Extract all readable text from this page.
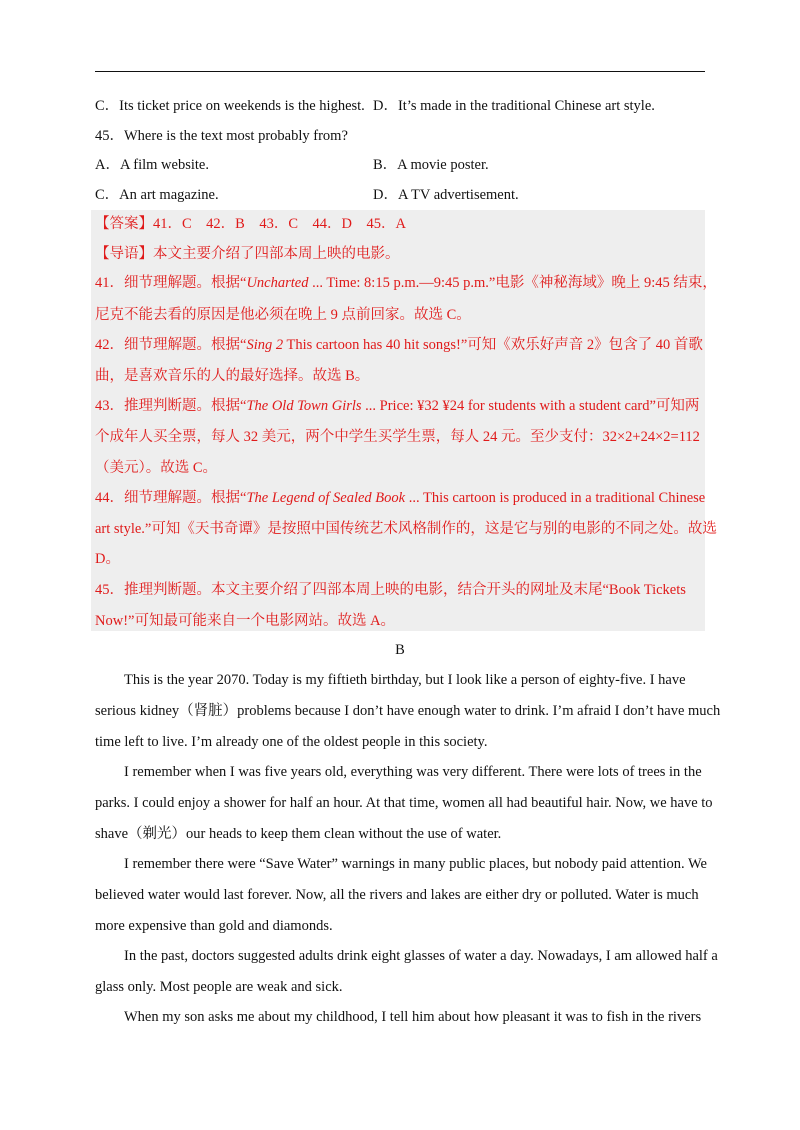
C．Its ticket price on weekends is the highest. D．It’s made in the traditional Chinese art style.
45．Where is the text most probably from?
A．A film website.	B．A movie poster.
C．An art magazine.	D．A TV advertisement.
【答案】41．C　42．B　43．C　44．D　45．A
【导语】本文主要介绍了四部本周上映的电影。
41．细节理解题。根据“Uncharted ... Time: 8:15 p.m.—9:45 p.m.”电影《神秘海域》晚上 9:45 结束，
尼克不能去看的原因是他必须在晚上 9 点前回家。故选 C。
42．细节理解题。根据“Sing 2 This cartoon has 40 hit songs!”可知《欢乐好声音 2》包含了 40 首歌
曲，是喜欢音乐的人的最好选择。故选 B。
43．推理判断题。根据“The Old Town Girls ... Price: ¥32 ¥24 for students with a student card”可知两
个成年人买全票，每人 32 美元，两个中学生买学生票，每人 24 元。至少支付：32×2+24×2=112
（美元）。故选 C。
44．细节理解题。根据“The Legend of Sealed Book ... This cartoon is produced in a traditional Chinese
art style.”可知《天书奇谭》是按照中国传统艺术风格制作的，这是它与别的电影的不同之处。故选
D。
45．推理判断题。本文主要介绍了四部本周上映的电影，结合开头的网址及末尾“Book Tickets
Now!”可知最可能来自一个电影网站。故选 A。
B
This is the year 2070. Today is my fiftieth birthday, but I look like a person of eighty-five. I have
serious kidney（肾脏）problems because I don’t have enough water to drink. I’m afraid I don’t have much
time left to live. I’m already one of the oldest people in this society.
I remember when I was five years old, everything was very different. There were lots of trees in the
parks. I could enjoy a shower for half an hour. At that time, women all had beautiful hair. Now, we have to
shave（剃光）our heads to keep them clean without the use of water.
I remember there were “Save Water” warnings in many public places, but nobody paid attention. We
believed water would last forever. Now, all the rivers and lakes are either dry or polluted. Water is much
more expensive than gold and diamonds.
In the past, doctors suggested adults drink eight glasses of water a day. Nowadays, I am allowed half a
glass only. Most people are weak and sick.
When my son asks me about my childhood, I tell him about how pleasant it was to fish in the rivers
